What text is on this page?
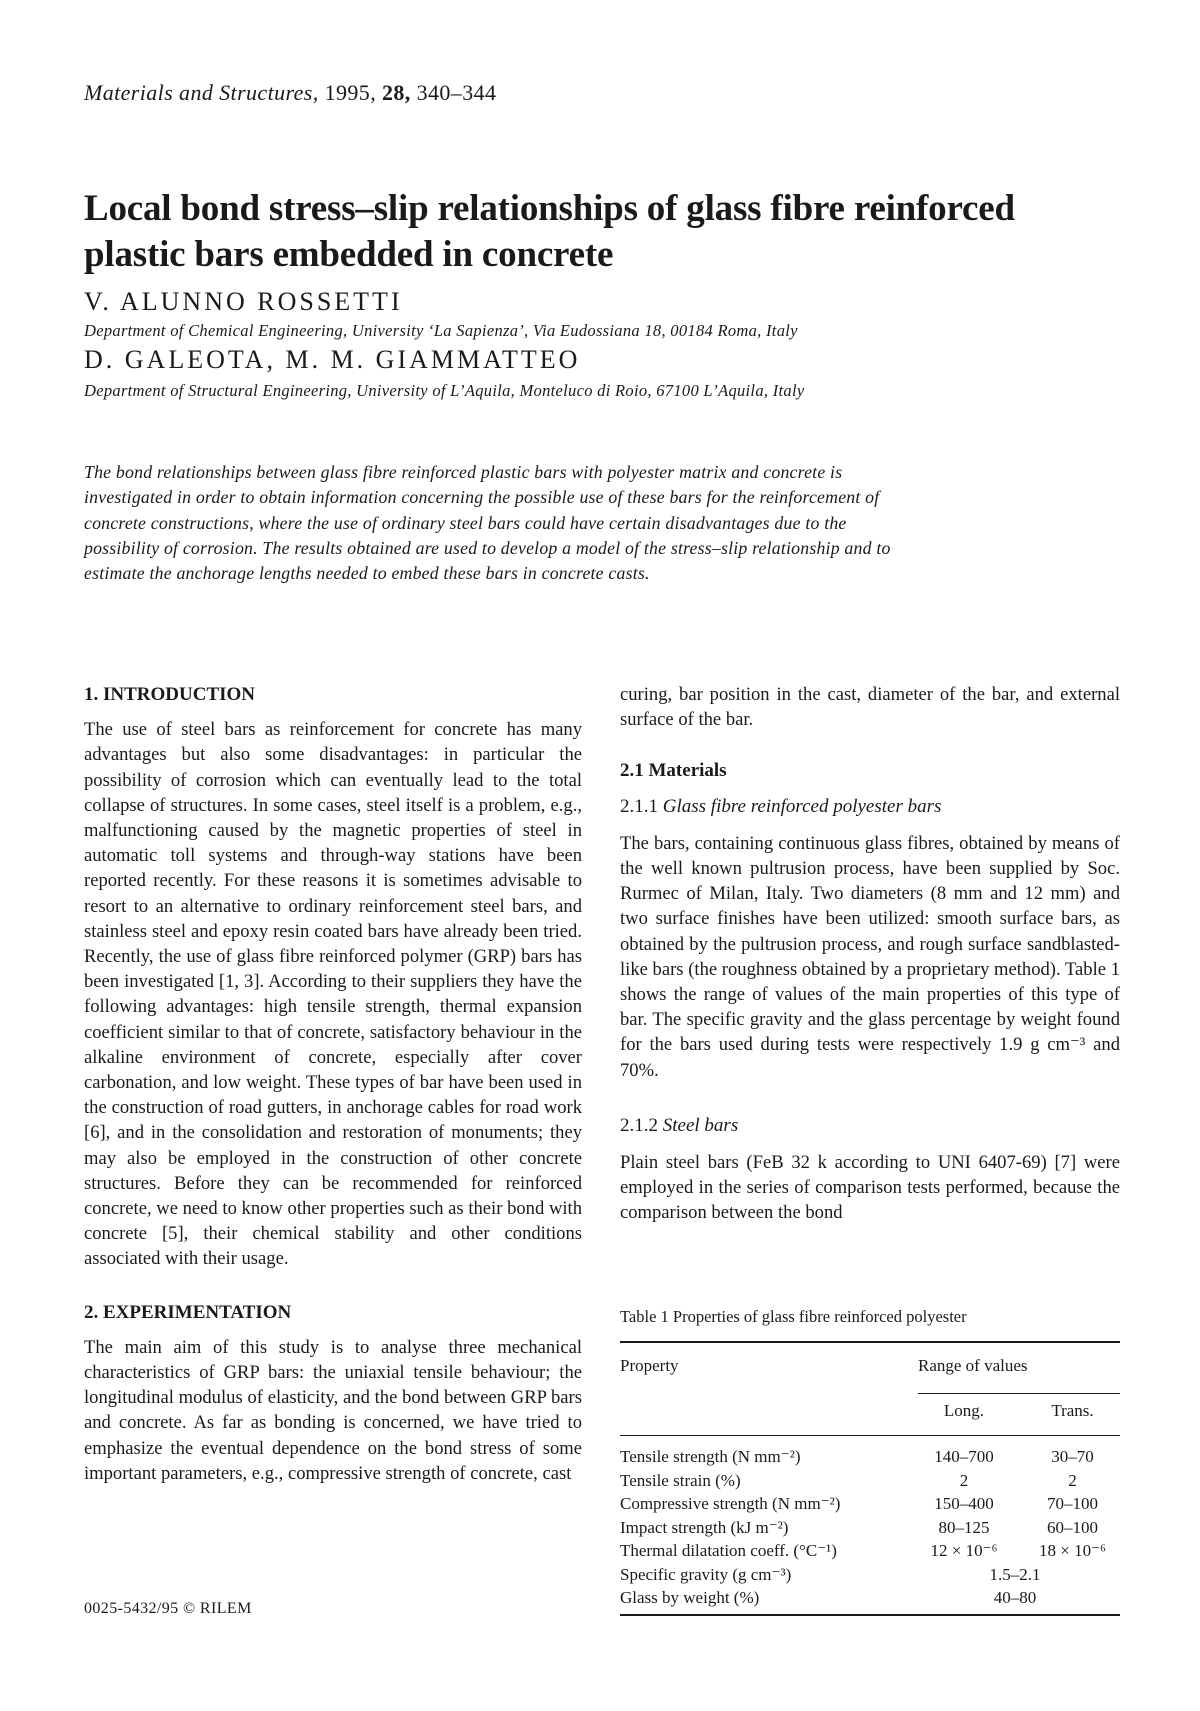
Materials and Structures, 1995, 28, 340–344
Local bond stress–slip relationships of glass fibre reinforced
plastic bars embedded in concrete
V. ALUNNO ROSSETTI
Department of Chemical Engineering, University ‘La Sapienza’, Via Eudossiana 18, 00184 Roma, Italy
D. GALEOTA, M. M. GIAMMATTEO
Department of Structural Engineering, University of L’Aquila, Monteluco di Roio, 67100 L’Aquila, Italy
The bond relationships between glass fibre reinforced plastic bars with polyester matrix and concrete is investigated in order to obtain information concerning the possible use of these bars for the reinforcement of concrete constructions, where the use of ordinary steel bars could have certain disadvantages due to the possibility of corrosion. The results obtained are used to develop a model of the stress–slip relationship and to estimate the anchorage lengths needed to embed these bars in concrete casts.

1. INTRODUCTION

The use of steel bars as reinforcement for concrete has many advantages but also some disadvantages: in particular the possibility of corrosion which can eventually lead to the total collapse of structures. In some cases, steel itself is a problem, e.g., malfunctioning caused by the magnetic properties of steel in automatic toll systems and through-way stations have been reported recently. For these reasons it is sometimes advisable to resort to an alternative to ordinary reinforcement steel bars, and stainless steel and epoxy resin coated bars have already been tried. Recently, the use of glass fibre reinforced polymer (GRP) bars has been investigated [1, 3]. According to their suppliers they have the following advantages: high tensile strength, thermal expansion coefficient similar to that of concrete, satisfactory behaviour in the alkaline environment of concrete, especially after cover carbonation, and low weight. These types of bar have been used in the construction of road gutters, in anchorage cables for road work [6], and in the consolidation and restoration of monuments; they may also be employed in the construction of other concrete structures. Before they can be recommended for reinforced concrete, we need to know other properties such as their bond with concrete [5], their chemical stability and other conditions associated with their usage.

2. EXPERIMENTATION

The main aim of this study is to analyse three mechanical characteristics of GRP bars: the uniaxial tensile behaviour; the longitudinal modulus of elasticity, and the bond between GRP bars and concrete. As far as bonding is concerned, we have tried to emphasize the eventual dependence on the bond stress of some important parameters, e.g., compressive strength of concrete, cast

curing, bar position in the cast, diameter of the bar, and external surface of the bar.

2.1 Materials

2.1.1 Glass fibre reinforced polyester bars

The bars, containing continuous glass fibres, obtained by means of the well known pultrusion process, have been supplied by Soc. Rurmec of Milan, Italy. Two diameters (8 mm and 12 mm) and two surface finishes have been utilized: smooth surface bars, as obtained by the pultrusion process, and rough surface sandblasted-like bars (the roughness obtained by a proprietary method). Table 1 shows the range of values of the main properties of this type of bar. The specific gravity and the glass percentage by weight found for the bars used during tests were respectively 1.9 g cm⁻³ and 70%.

2.1.2 Steel bars

Plain steel bars (FeB 32 k according to UNI 6407-69) [7] were employed in the series of comparison tests performed, because the comparison between the bond

Table 1 Properties of glass fibre reinforced polyester
Property	Range of values
Long.	Trans.
Tensile strength (N mm⁻²)	140–700	30–70
Tensile strain (%)	2	2
Compressive strength (N mm⁻²)	150–400	70–100
Impact strength (kJ m⁻²)	80–125	60–100
Thermal dilatation coeff. (°C⁻¹)	12 × 10⁻⁶	18 × 10⁻⁶
Specific gravity (g cm⁻³)	1.5–2.1
Glass by weight (%)	40–80
0025-5432/95 © RILEM
